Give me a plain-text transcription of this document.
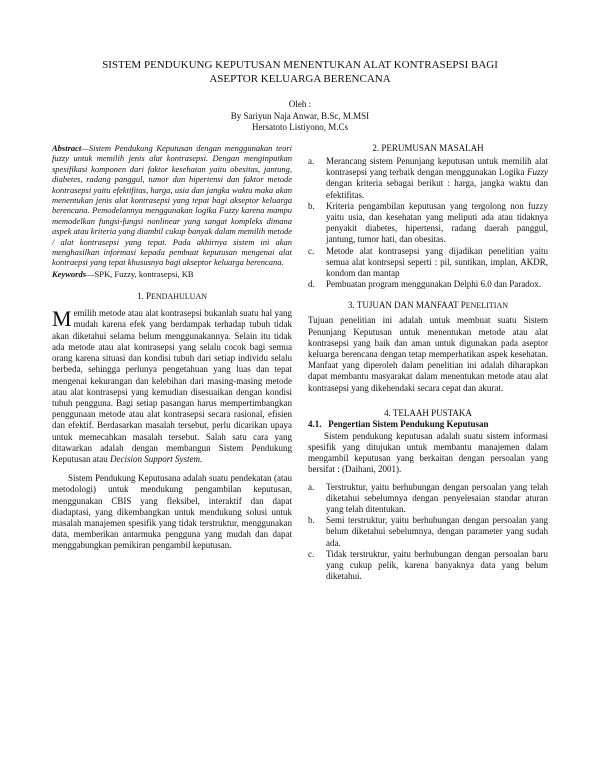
SISTEM PENDUKUNG KEPUTUSAN MENENTUKAN ALAT KONTRASEPSI BAGI
ASEPTOR KELUARGA BERENCANA
Oleh :
By Sariyun Naja Anwar, B.Sc, M.MSI
Hersatoto Listiyono, M.Cs

Abstract—Sistem Pendukung Keputusan dengan menggunakan teori fuzzy untuk memilih jenis alat kontrasepsi. Dengan menginputkan spesifikasi komponen dari faktor kesehatan yaitu obesitas, jantung, diabetes, radang panggul, tumor dan hipertensi dan faktor metode kontrasepsi yaitu efektifitas, harga, usia dan jangka waktu maka akan menentukan jenis alat kontrasepsi yang tepat bagi akseptor keluarga berencana. Pemodelannya menggunakan logika Fuzzy karena mampu memodelkan fungsi-fungsi nonlinear yang sangat kompleks dimana aspek atau kriteria yang diambil cukup banyak dalam memilih metode / alat kontrasepsi yang tepat. Pada akhirnya sistem ini akan menghasilkan informasi kepada pembuat keputusan mengenai alat kontraepsi yang tepat khususnya bagi akseptor keluarga berencana.

Keywords—SPK, Fuzzy, kontrasepsi, KB

1. PENDAHULUAN

Memilih metode atau alat kontrasepsi bukanlah suatu hal yang mudah karena efek yang berdampak terhadap tubuh tidak akan diketahui selama belum menggunakannya. Selain itu tidak ada metode atau alat kontrasepsi yang selalu cocok bagi semua orang karena situasi dan kondisi tubuh dari setiap individu selalu berbeda, sehingga perlunya pengetahuan yang luas dan tepat mengenai kekurangan dan kelebihan dari masing-masing metode atau alat kontrasepsi yang kemudian disesuaikan dengan kondisi tubuh pengguna. Bagi setiap pasangan harus mempertimbangkan penggunaan metode atau alat kontrasepsi secara rasional, efisien dan efektif. Berdasarkan masalah tersebut, perlu dicarikan upaya untuk memecahkan masalah tersebut. Salah satu cara yang ditawarkan adalah dengan membangun Sistem Pendukung Keputusan atau Decision Support System.

Sistem Pendukung Keputusana adalah suatu pendekatan (atau metodologi) untuk mendukung pengambilan keputusan, menggunakan CBIS yang fleksibel, interaktif dan dapat diadaptasi, yang dikembangkan untuk mendukung solusi untuk masalah manajemen spesifik yang tidak terstruktur, menggunakan data, memberikan antarmuka pengguna yang mudah dan dapat menggabungkan pemikiran pengambil keputusan.

2. PERUMUSAN MASALAH
a. Merancang sistem Penunjang keputusan untuk memilih alat kontrasepsi yang terbaik dengan menggunakan Logika Fuzzy dengan kriteria sebagai berikut : harga, jangka waktu dan efektifitas.
b. Kriteria pengambilan keputusan yang tergolong non fuzzy yaitu usia, dan kesehatan yang meliputi ada atau tidaknya penyakit diabetes, hipertensi, radang daerah panggul, jantung, tumor hati, dan obesitas.
c. Metode alat kontrasepsi yang dijadikan penelitian yaitu semua alat kontrsepsi seperti : pil, suntikan, implan, AKDR, kondom dan mantap
d. Pembuatan program menggunakan Delphi 6.0 dan Paradox.
3. TUJUAN DAN MANFAAT PENELITIAN

Tujuan penelitian ini adalah untuk membuat suatu Sistem Penunjang Keputusan untuk menentukan metode atau alat kontrasepsi yang baik dan aman untuk digunakan pada aseptor keluarga berencana dengan tetap memperhatikan aspek kesehatan. Manfaat yang diperoleh dalam penelitian ini adalah diharapkan dapat membantu masyarakat dalam menentukan metode atau alat kontrasepsi yang dikehendaki secara cepat dan akurat.

4. TELAAH PUSTAKA
4.1. Pengertian Sistem Pendukung Keputusan

Sistem pendukung keputusan adalah suatu sistem informasi spesifik yang ditujukan untuk membantu manajemen dalam mengambil keputusan yang berkaitan dengan persoalan yang bersifat : (Daihani, 2001).

a. Terstruktur, yaitu berhubungan dengan persoalan yang telah diketahui sebelumnya dengan penyelesaian standar aturan yang telah ditentukan.
b. Semi terstruktur, yaitu berhubungan dengan persoalan yang belum diketahui sebelumnya, dengan parameter yang sudah ada.
c. Tidak terstruktur, yaitu berhubungan dengan persoalan baru yang cukup pelik, karena banyaknya data yang belum diketahui.
